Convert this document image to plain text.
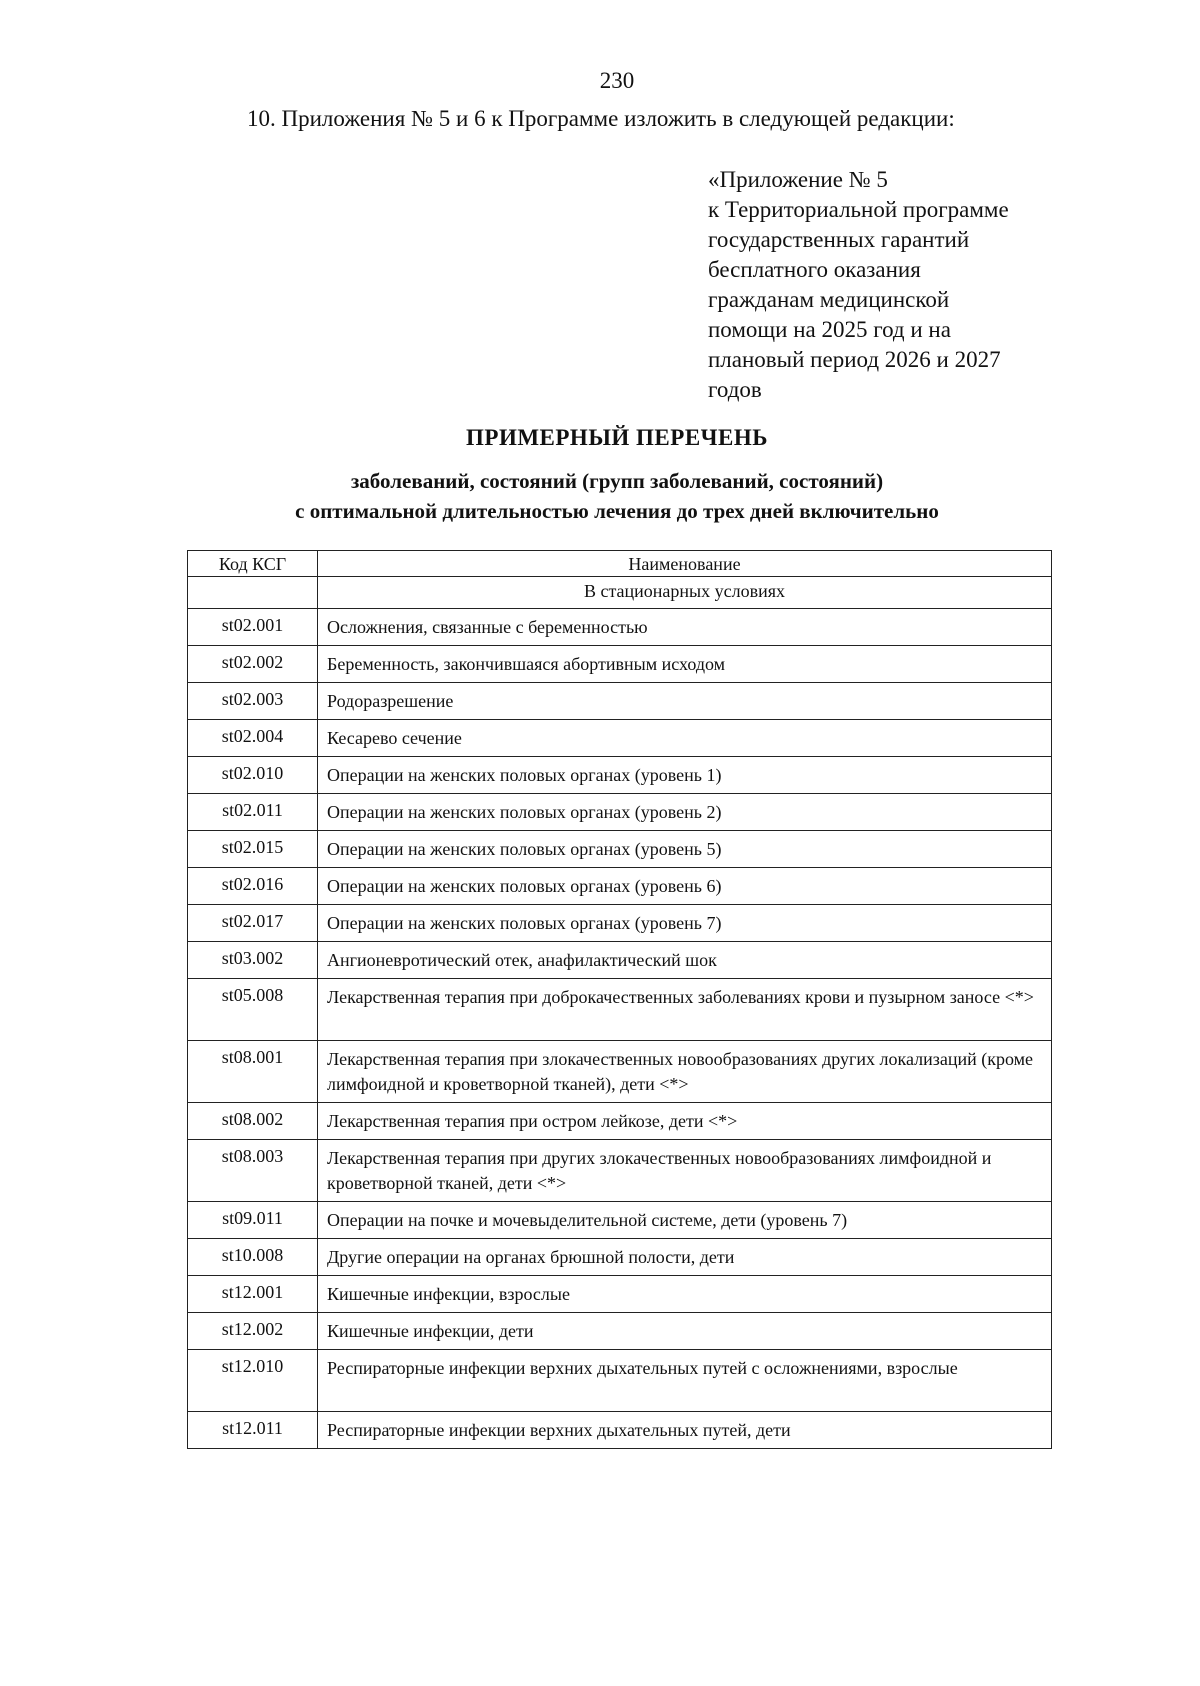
230
10. Приложения № 5 и 6 к Программе изложить в следующей редакции:
«Приложение № 5
к Территориальной программе
государственных гарантий
бесплатного оказания
гражданам медицинской
помощи на 2025 год и на
плановый период 2026 и 2027
годов
ПРИМЕРНЫЙ ПЕРЕЧЕНЬ
заболеваний, состояний (групп заболеваний, состояний)
с оптимальной длительностью лечения до трех дней включительно
Код КСГ	Наименование
	В стационарных условиях
st02.001	Осложнения, связанные с беременностью
st02.002	Беременность, закончившаяся абортивным исходом
st02.003	Родоразрешение
st02.004	Кесарево сечение
st02.010	Операции на женских половых органах (уровень 1)
st02.011	Операции на женских половых органах (уровень 2)
st02.015	Операции на женских половых органах (уровень 5)
st02.016	Операции на женских половых органах (уровень 6)
st02.017	Операции на женских половых органах (уровень 7)
st03.002	Ангионевротический отек, анафилактический шок
st05.008	Лекарственная терапия при доброкачественных заболеваниях крови и пузырном заносе <*>
st08.001	Лекарственная терапия при злокачественных новообразованиях других локализаций (кроме лимфоидной и кроветворной тканей), дети <*>
st08.002	Лекарственная терапия при остром лейкозе, дети <*>
st08.003	Лекарственная терапия при других злокачественных новообразованиях лимфоидной и кроветворной тканей, дети <*>
st09.011	Операции на почке и мочевыделительной системе, дети (уровень 7)
st10.008	Другие операции на органах брюшной полости, дети
st12.001	Кишечные инфекции, взрослые
st12.002	Кишечные инфекции, дети
st12.010	Респираторные инфекции верхних дыхательных путей с осложнениями, взрослые
st12.011	Респираторные инфекции верхних дыхательных путей, дети
